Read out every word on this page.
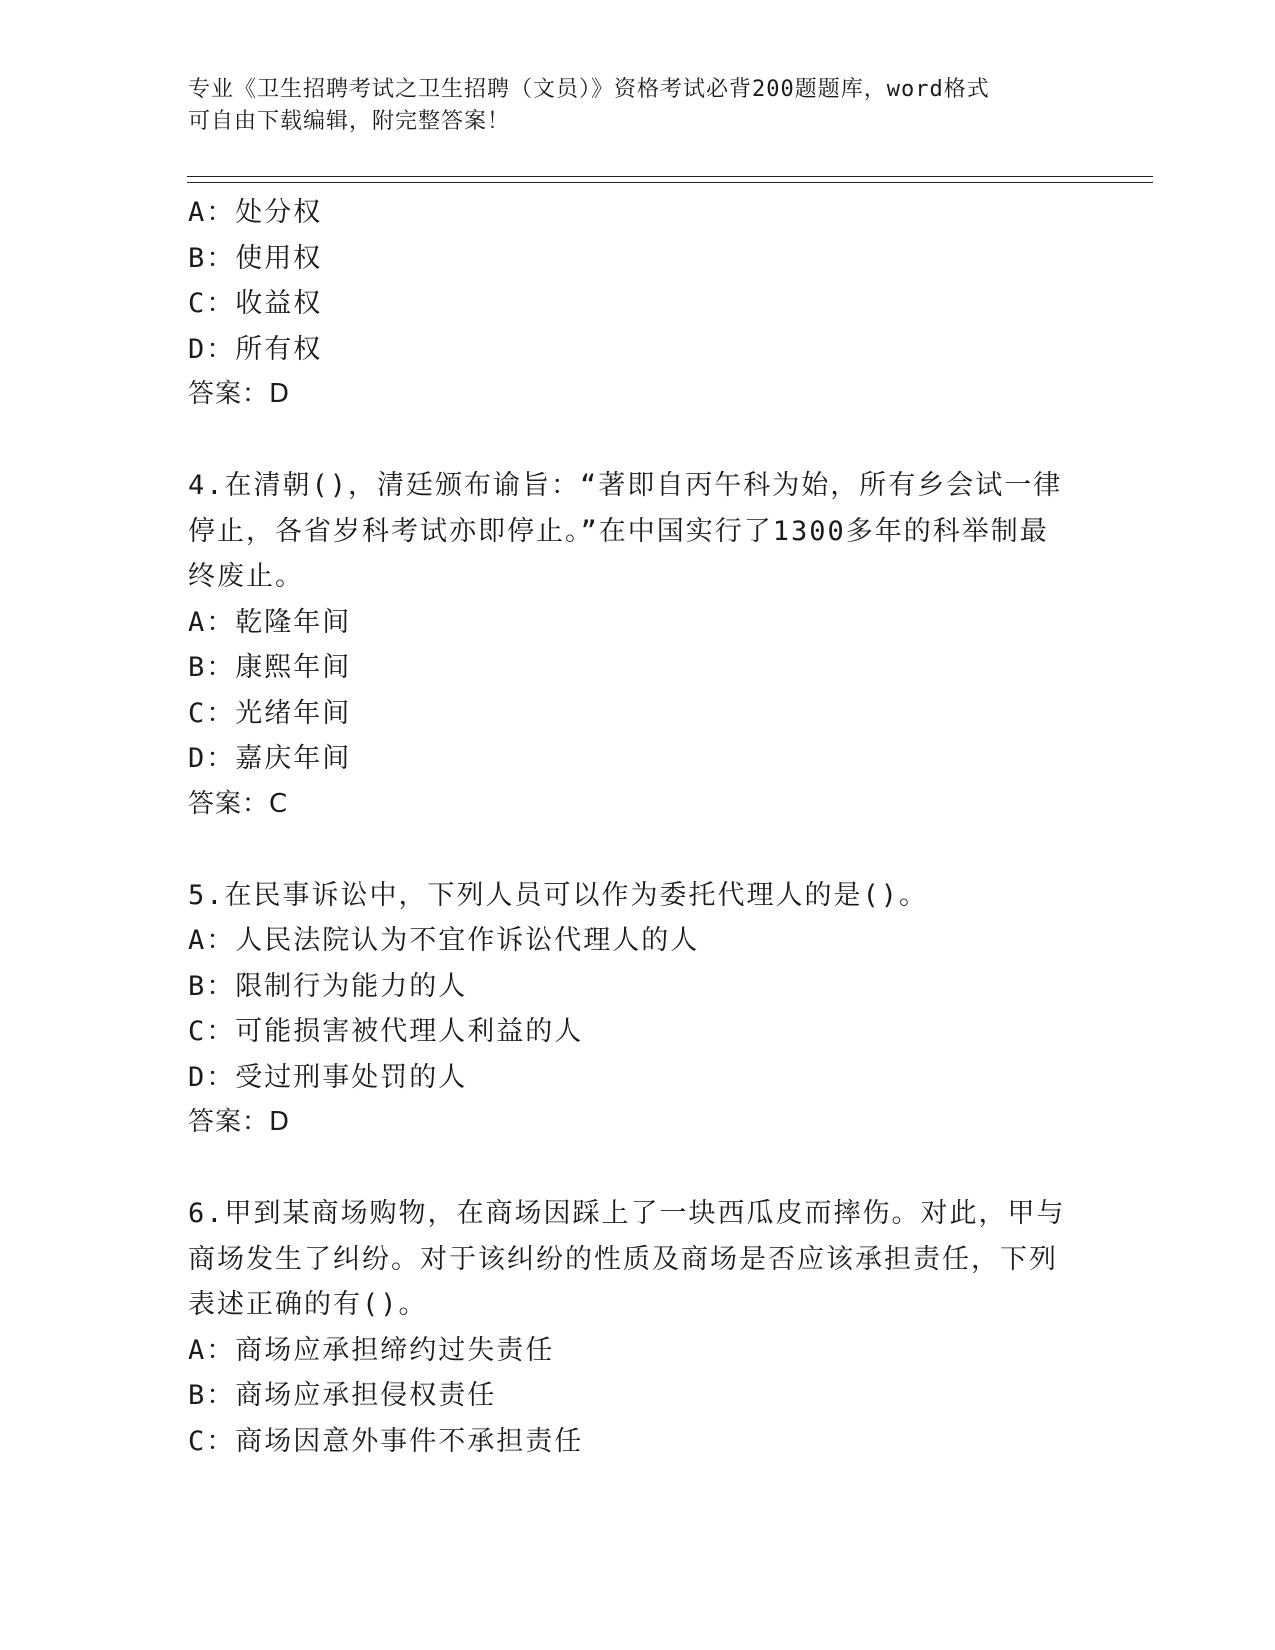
专业《卫生招聘考试之卫生招聘（文员）》资格考试必背200题题库，word格式
可自由下载编辑，附完整答案！
A：处分权
B：使用权
C：收益权
D：所有权
答案：D
4.在清朝()，清廷颁布谕旨：“著即自丙午科为始，所有乡会试一律
停止，各省岁科考试亦即停止。”在中国实行了1300多年的科举制最
终废止。
A：乾隆年间
B：康熙年间
C：光绪年间
D：嘉庆年间
答案：C
5.在民事诉讼中，下列人员可以作为委托代理人的是()。
A：人民法院认为不宜作诉讼代理人的人
B：限制行为能力的人
C：可能损害被代理人利益的人
D：受过刑事处罚的人
答案：D
6.甲到某商场购物，在商场因踩上了一块西瓜皮而摔伤。对此，甲与
商场发生了纠纷。对于该纠纷的性质及商场是否应该承担责任，下列
表述正确的有()。
A：商场应承担缔约过失责任
B：商场应承担侵权责任
C：商场因意外事件不承担责任
